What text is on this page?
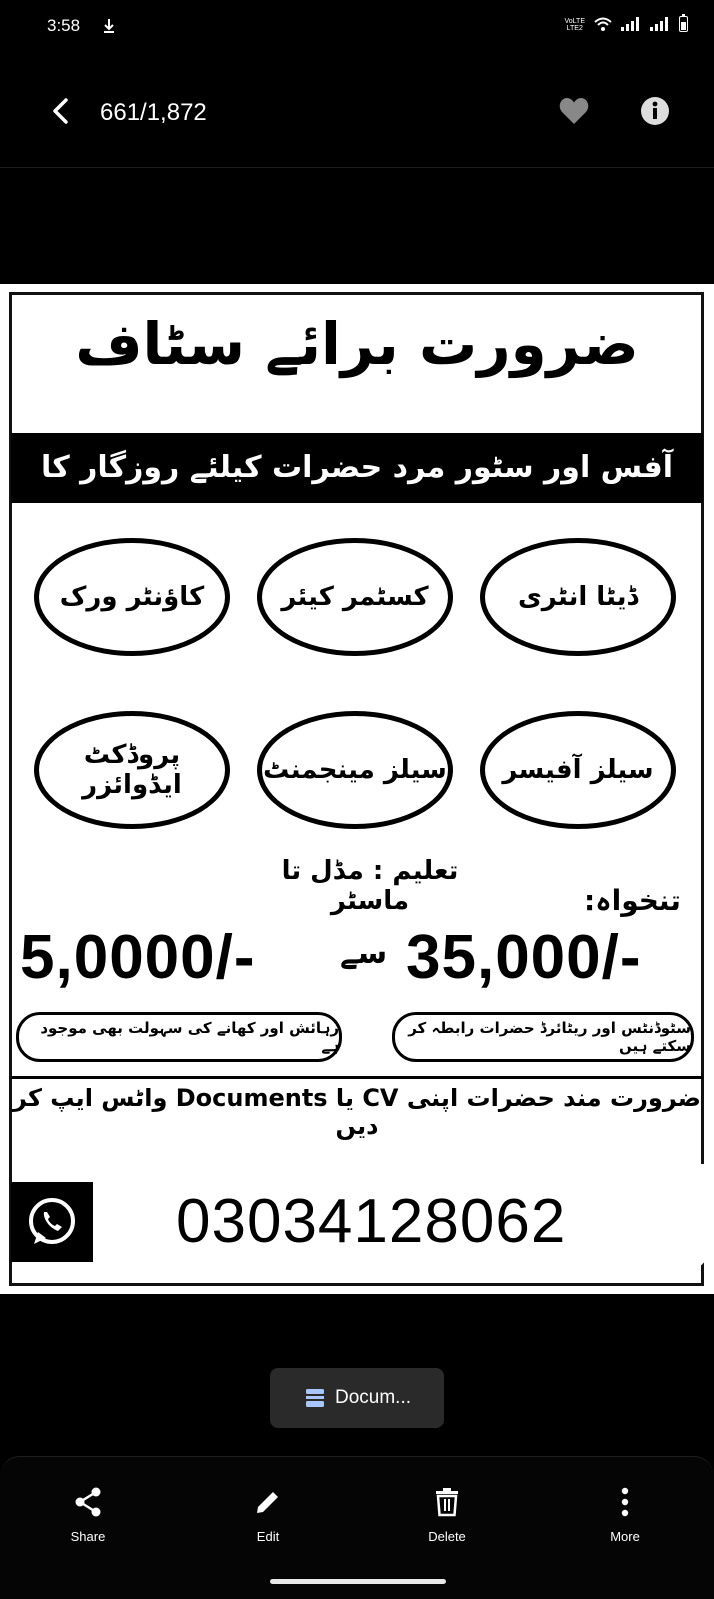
3:58	VoLTE
LTE2
661/1,872
ضرورت برائے سٹاف
آفس اور سٹور مرد حضرات کیلئے روزگار کا شاندار موقع
ڈیٹا انٹری
کسٹمر کیئر
کاؤنٹر ورک
سیلز آفیسر
سیلز مینجمنٹ
پروڈکٹ ایڈوائزر
تعلیم : مڈل تا ماسٹر	تنخواہ:
5,0000/-	سے 35,000/-
رہائش اور کھانے کی سہولت بھی موجود ہے
سٹوڈنٹس اور ریٹائرڈ حضرات رابطہ کر سکتے ہیں
ضرورت مند حضرات اپنی CV یا Documents واٹس ایپ کر دیں
03034128062
Docum...
Share	Edit	Delete	More
